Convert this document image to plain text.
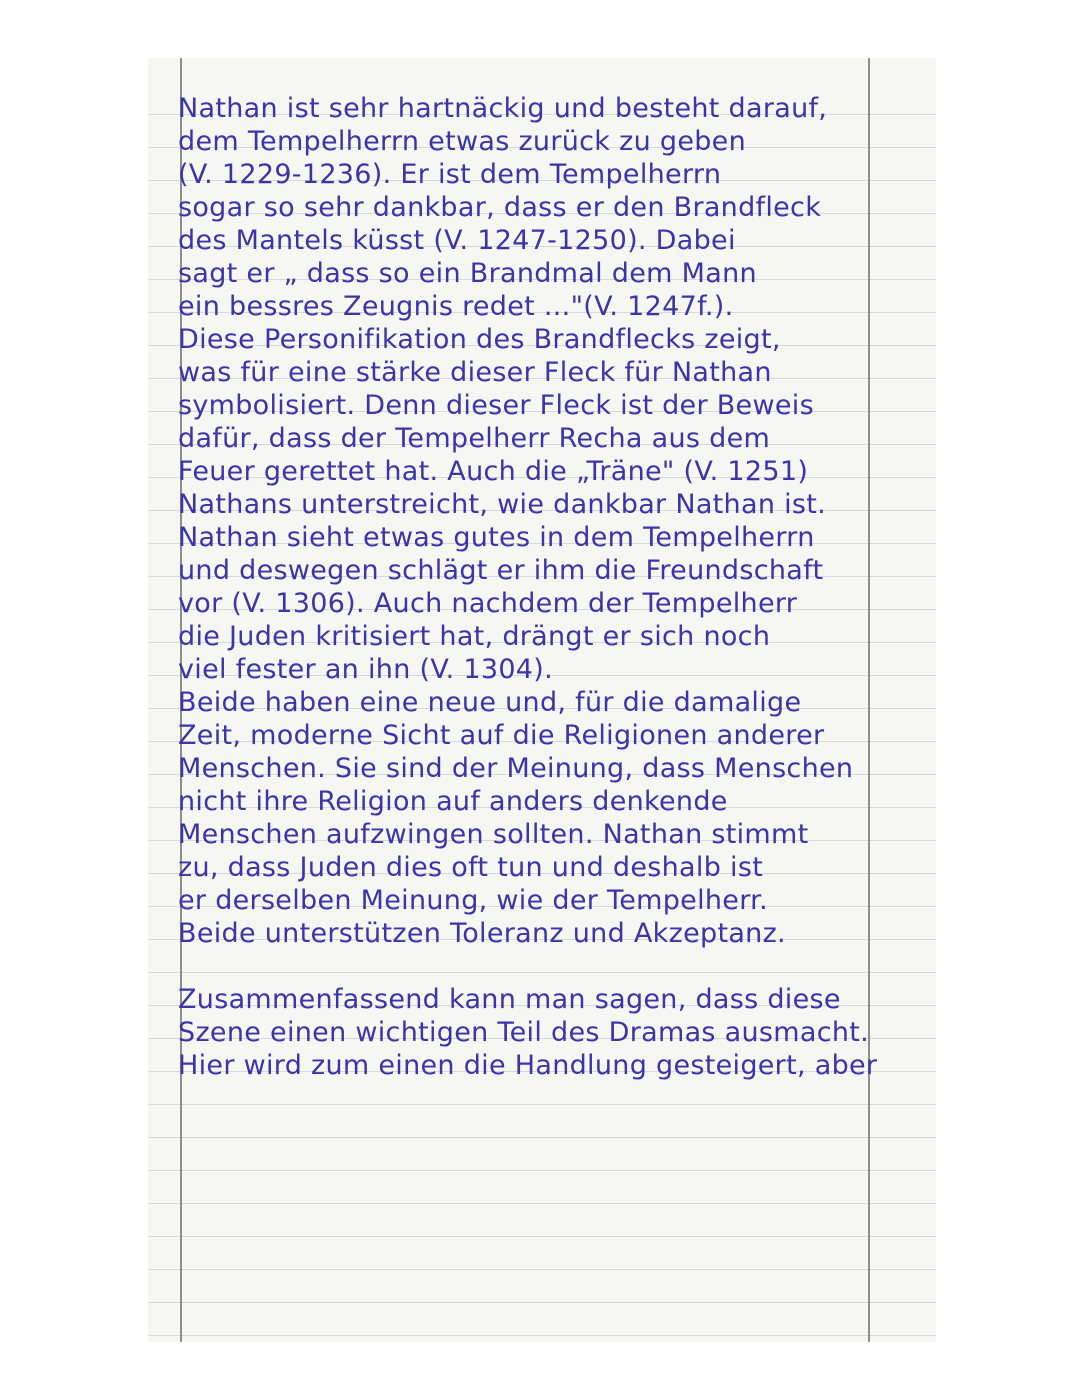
Nathan ist sehr hartnäckig und besteht darauf,
dem Tempelherrn etwas zurück zu geben
(V. 1229-1236). Er ist dem Tempelherrn
sogar so sehr dankbar, dass er den Brandfleck
des Mantels küsst (V. 1247-1250). Dabei
sagt er „ dass so ein Brandmal dem Mann
ein bessres Zeugnis redet ..."(V. 1247f.).
Diese Personifikation des Brandflecks zeigt,
was für eine stärke dieser Fleck für Nathan
symbolisiert. Denn dieser Fleck ist der Beweis
dafür, dass der Tempelherr Recha aus dem
Feuer gerettet hat. Auch die „Träne" (V. 1251)
Nathans unterstreicht, wie dankbar Nathan ist.
Nathan sieht etwas gutes in dem Tempelherrn
und deswegen schlägt er ihm die Freundschaft
vor (V. 1306). Auch nachdem der Tempelherr
die Juden kritisiert hat, drängt er sich noch
viel fester an ihn (V. 1304).
Beide haben eine neue und, für die damalige
Zeit, moderne Sicht auf die Religionen anderer
Menschen. Sie sind der Meinung, dass Menschen
nicht ihre Religion auf anders denkende
Menschen aufzwingen sollten. Nathan stimmt
zu, dass Juden dies oft tun und deshalb ist
er derselben Meinung, wie der Tempelherr.
Beide unterstützen Toleranz und Akzeptanz.
Zusammenfassend kann man sagen, dass diese
Szene einen wichtigen Teil des Dramas ausmacht.
Hier wird zum einen die Handlung gesteigert, aber
